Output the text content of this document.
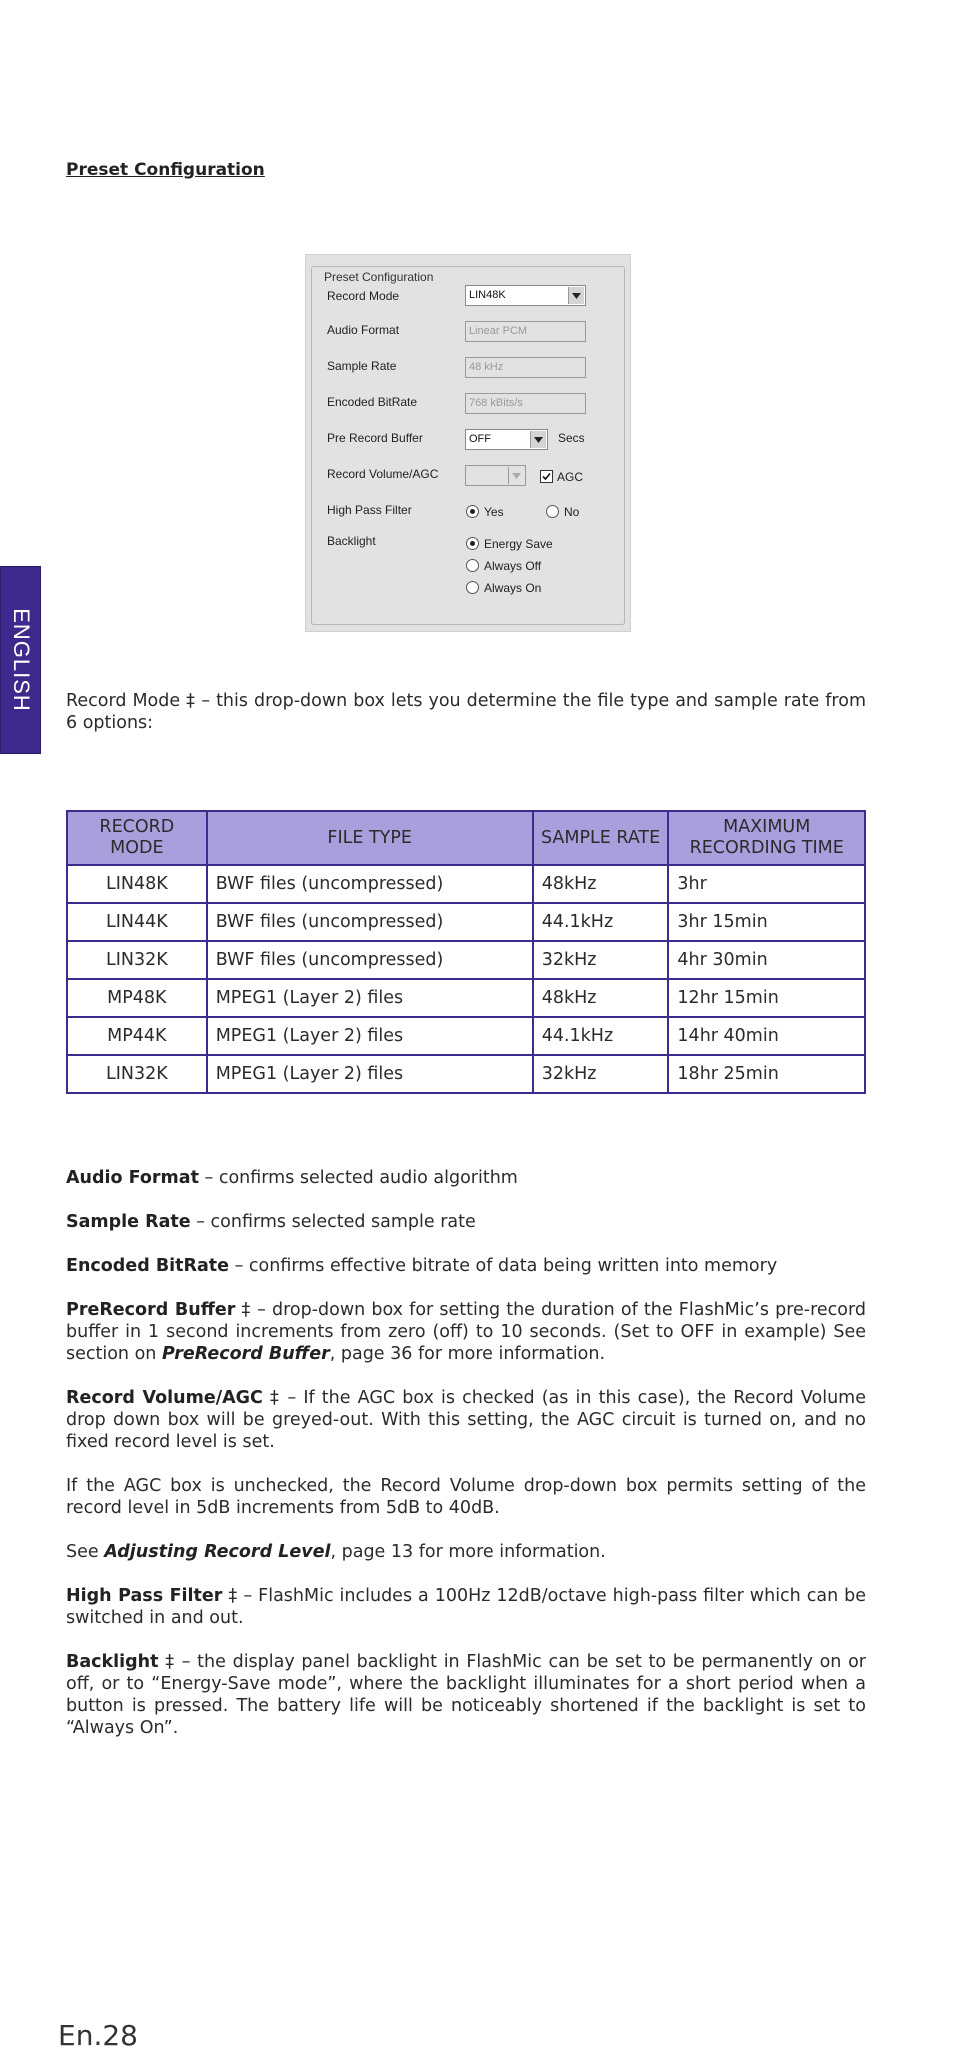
Preset Configuration
Preset Configuration
Record Mode	LIN48K
Audio Format	Linear PCM
Sample Rate	48 kHz
Encoded BitRate	768 kBits/s
Pre Record Buffer	OFF	Secs
Record Volume/AGC	AGC
High Pass Filter	Yes	No
Backlight	Energy Save
Always Off
Always On
ENGLISH Record Mode ‡ – this drop-down box lets you determine the file type and sample rate from 6 options:
RECORD MODE	FILE TYPE	SAMPLE RATE	MAXIMUM RECORDING TIME
LIN48K	BWF files (uncompressed)	48kHz	3hr
LIN44K	BWF files (uncompressed)	44.1kHz	3hr 15min
LIN32K	BWF files (uncompressed)	32kHz	4hr 30min
MP48K	MPEG1 (Layer 2) files	48kHz	12hr 15min
MP44K	MPEG1 (Layer 2) files	44.1kHz	14hr 40min
LIN32K	MPEG1 (Layer 2) files	32kHz	18hr 25min
Audio Format – confirms selected audio algorithm
Sample Rate – confirms selected sample rate
Encoded BitRate – confirms effective bitrate of data being written into memory
PreRecord Buffer ‡ – drop-down box for setting the duration of the FlashMic’s pre-record buffer in 1 second increments from zero (off) to 10 seconds. (Set to OFF in example) See section on PreRecord Buffer, page 36 for more information.
Record Volume/AGC ‡ – If the AGC box is checked (as in this case), the Record Volume drop down box will be greyed-out. With this setting, the AGC circuit is turned on, and no fixed record level is set.
If the AGC box is unchecked, the Record Volume drop-down box permits setting of the record level in 5dB increments from 5dB to 40dB.
See Adjusting Record Level, page 13 for more information.
High Pass Filter ‡ – FlashMic includes a 100Hz 12dB/octave high-pass filter which can be switched in and out.
Backlight ‡ – the display panel backlight in FlashMic can be set to be permanently on or off, or to “Energy-Save mode”, where the backlight illuminates for a short period when a button is pressed. The battery life will be noticeably shortened if the backlight is set to “Always On”.
En.28
